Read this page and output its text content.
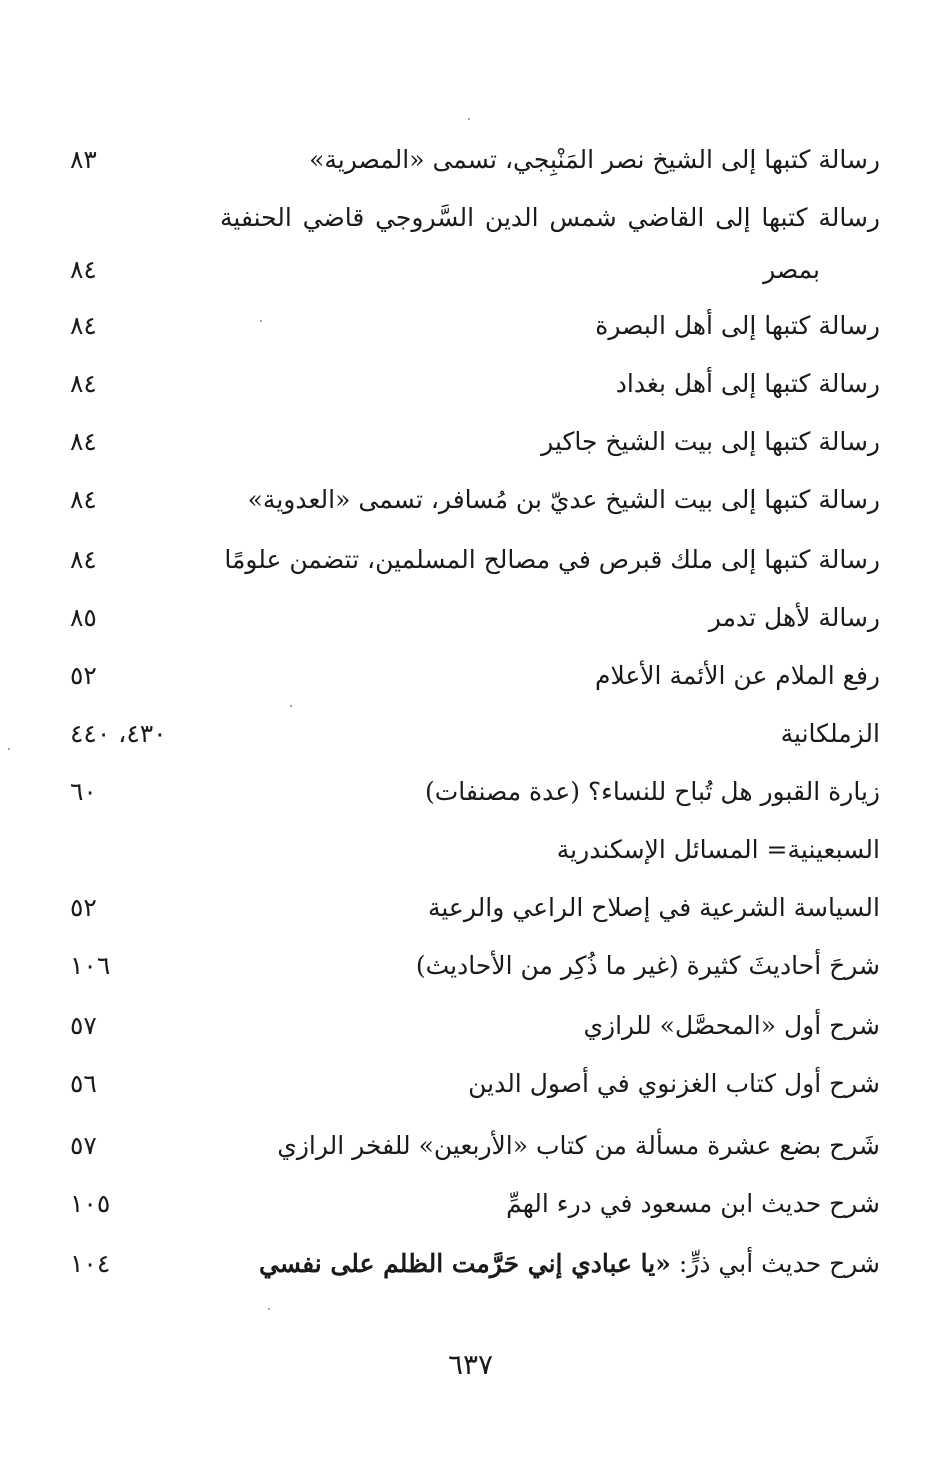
رسالة كتبها إلى الشيخ نصر المَنْبِجي، تسمى «المصرية»
٨٣
رسالة كتبها إلى القاضي شمس الدين السَّروجي قاضي الحنفية
بمصر
٨٤
رسالة كتبها إلى أهل البصرة
٨٤
رسالة كتبها إلى أهل بغداد
٨٤
رسالة كتبها إلى بيت الشيخ جاكير
٨٤
رسالة كتبها إلى بيت الشيخ عديّ بن مُسافر، تسمى «العدوية»
٨٤
رسالة كتبها إلى ملك قبرص في مصالح المسلمين، تتضمن علومًا
٨٤
رسالة لأهل تدمر
٨٥
رفع الملام عن الأئمة الأعلام
٥٢
الزملكانية
٤٣٠، ٤٤٠
زيارة القبور هل تُباح للنساء؟ (عدة مصنفات)
٦٠
السبعينية= المسائل الإسكندرية
السياسة الشرعية في إصلاح الراعي والرعية
٥٢
شرحَ أحاديثَ كثيرة (غير ما ذُكِر من الأحاديث)
١٠٦
شرح أول «المحصَّل» للرازي
٥٧
شرح أول كتاب الغزنوي في أصول الدين
٥٦
شَرح بضع عشرة مسألة من كتاب «الأربعين» للفخر الرازي
٥٧
شرح حديث ابن مسعود في درء الهمِّ
١٠٥
شرح حديث أبي ذرٍّ: «يا عبادي إني حَرَّمت الظلم على نفسي
١٠٤
٦٣٧
